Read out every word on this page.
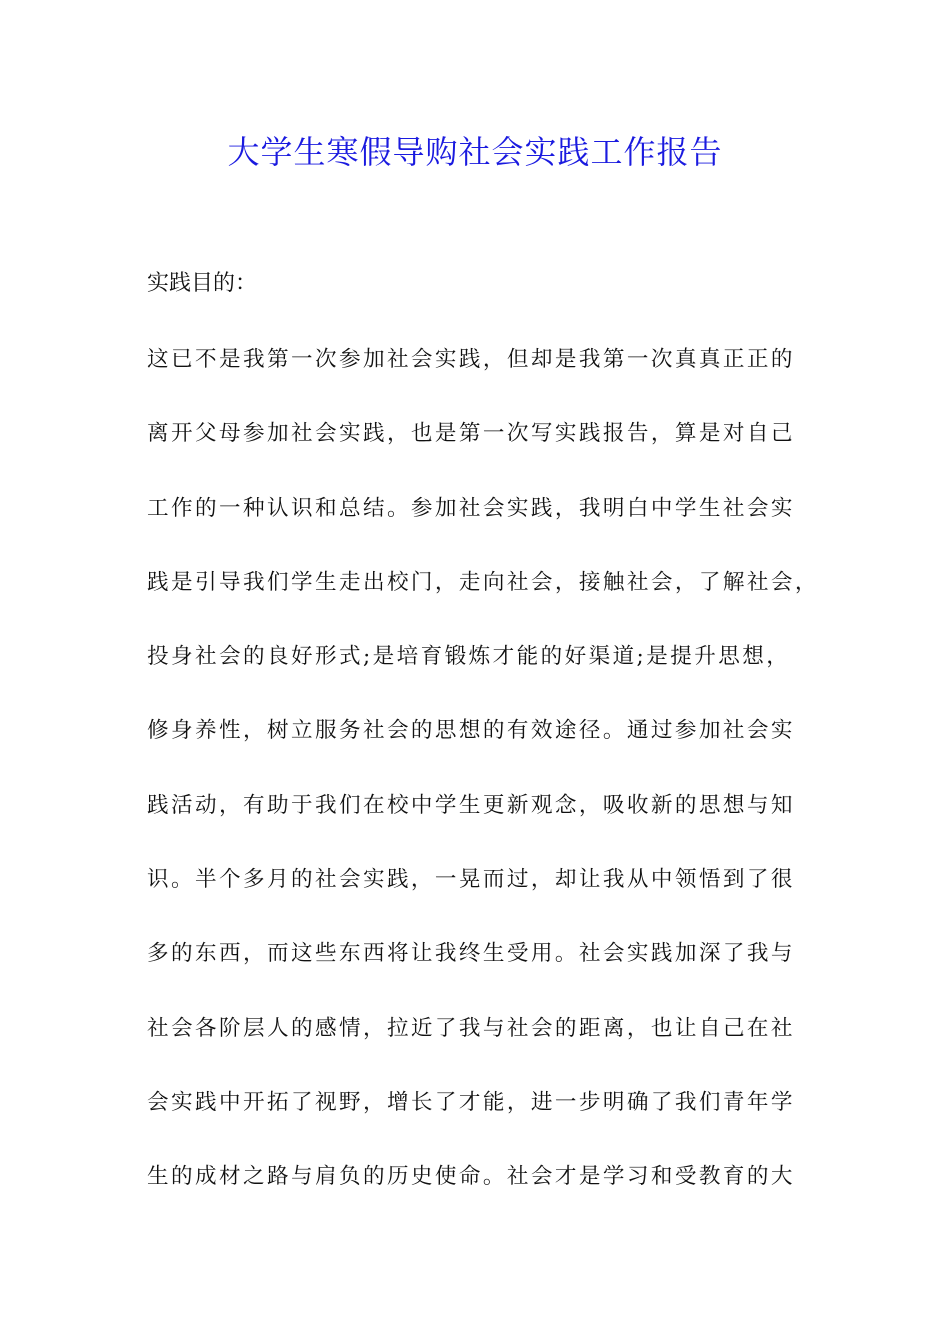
大学生寒假导购社会实践工作报告

实践目的：

这已不是我第一次参加社会实践，但却是我第一次真真正正的
离开父母参加社会实践，也是第一次写实践报告，算是对自己
工作的一种认识和总结。参加社会实践，我明白中学生社会实
践是引导我们学生走出校门，走向社会，接触社会，了解社会，
投身社会的良好形式;是培育锻炼才能的好渠道;是提升思想，
修身养性，树立服务社会的思想的有效途径。通过参加社会实
践活动，有助于我们在校中学生更新观念，吸收新的思想与知
识。半个多月的社会实践，一晃而过，却让我从中领悟到了很
多的东西，而这些东西将让我终生受用。社会实践加深了我与
社会各阶层人的感情，拉近了我与社会的距离，也让自己在社
会实践中开拓了视野，增长了才能，进一步明确了我们青年学
生的成材之路与肩负的历史使命。社会才是学习和受教育的大
